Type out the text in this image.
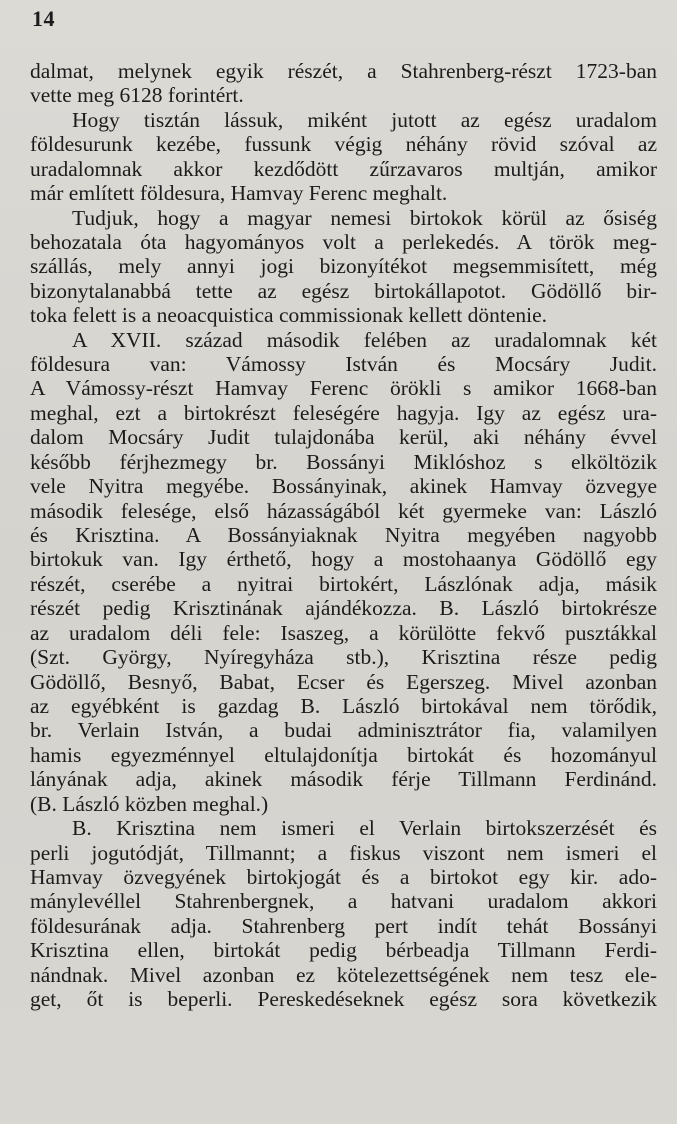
14
dalmat, melynek egyik részét, a Stahrenberg-részt 1723-ban
vette meg 6128 forintért.
Hogy tisztán lássuk, miként jutott az egész uradalom
földesurunk kezébe, fussunk végig néhány rövid szóval az
uradalomnak akkor kezdődött zűrzavaros multján, amikor
már említett földesura, Hamvay Ferenc meghalt.
Tudjuk, hogy a magyar nemesi birtokok körül az ősiség
behozatala óta hagyományos volt a perlekedés. A török meg-
szállás, mely annyi jogi bizonyítékot megsemmisített, még
bizonytalanabbá tette az egész birtokállapotot. Gödöllő bir-
toka felett is a neoacquistica commissionak kellett döntenie.
A XVII. század második felében az uradalomnak két
földesura van: Vámossy István és Mocsáry Judit.
A Vámossy-részt Hamvay Ferenc örökli s amikor 1668-ban
meghal, ezt a birtokrészt feleségére hagyja. Igy az egész ura-
dalom Mocsáry Judit tulajdonába kerül, aki néhány évvel
később férjhezmegy br. Bossányi Miklóshoz s elköltözik
vele Nyitra megyébe. Bossányinak, akinek Hamvay özvegye
második felesége, első házasságából két gyermeke van: László
és Krisztina. A Bossányiaknak Nyitra megyében nagyobb
birtokuk van. Igy érthető, hogy a mostohaanya Gödöllő egy
részét, cserébe a nyitrai birtokért, Lászlónak adja, másik
részét pedig Krisztinának ajándékozza. B. László birtokrésze
az uradalom déli fele: Isaszeg, a körülötte fekvő pusztákkal
(Szt. György, Nyíregyháza stb.), Krisztina része pedig
Gödöllő, Besnyő, Babat, Ecser és Egerszeg. Mivel azonban
az egyébként is gazdag B. László birtokával nem törődik,
br. Verlain István, a budai adminisztrátor fia, valamilyen
hamis egyezménnyel eltulajdonítja birtokát és hozományul
lányának adja, akinek második férje Tillmann Ferdinánd.
(B. László közben meghal.)
B. Krisztina nem ismeri el Verlain birtokszerzését és
perli jogutódját, Tillmannt; a fiskus viszont nem ismeri el
Hamvay özvegyének birtokjogát és a birtokot egy kir. ado-
mánylevéllel Stahrenbergnek, a hatvani uradalom akkori
földesurának adja. Stahrenberg pert indít tehát Bossányi
Krisztina ellen, birtokát pedig bérbeadja Tillmann Ferdi-
nándnak. Mivel azonban ez kötelezettségének nem tesz ele-
get, őt is beperli. Pereskedéseknek egész sora következik
